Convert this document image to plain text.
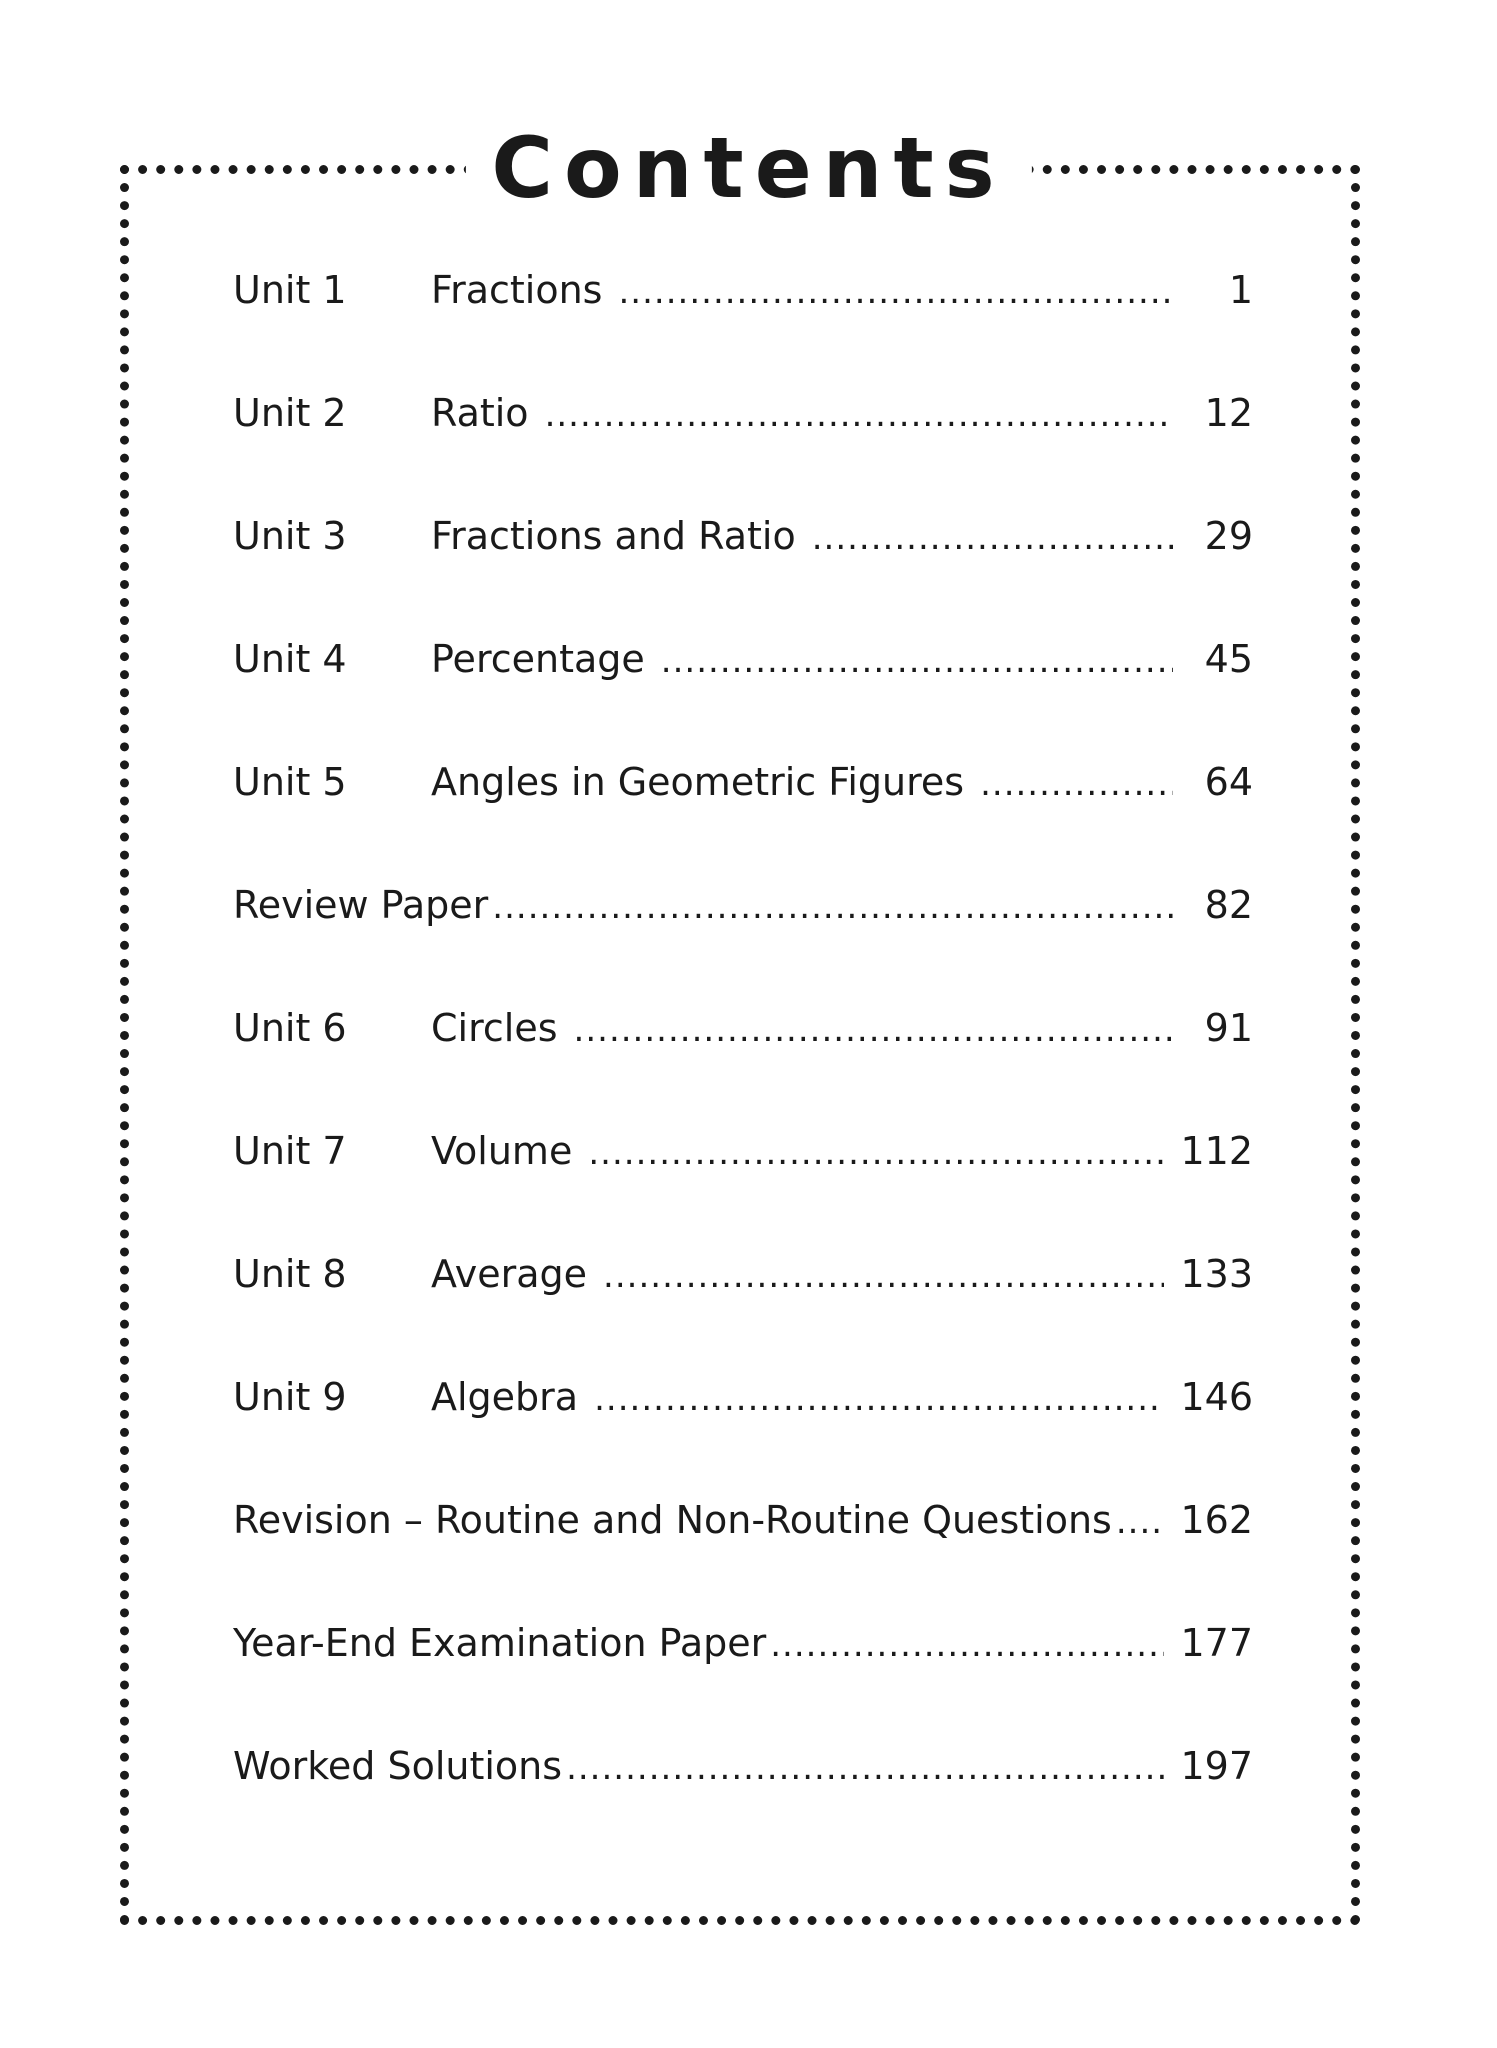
Contents
Unit 1	Fractions .....	1
Unit 2	Ratio .....	12
Unit 3	Fractions and Ratio .....	29
Unit 4	Percentage .....	45
Unit 5	Angles in Geometric Figures .....	64
Review Paper .....	82
Unit 6	Circles .....	91
Unit 7	Volume .....	112
Unit 8	Average .....	133
Unit 9	Algebra .....	146
Revision – Routine and Non-Routine Questions .....	162
Year-End Examination Paper .....	177
Worked Solutions .....	197
